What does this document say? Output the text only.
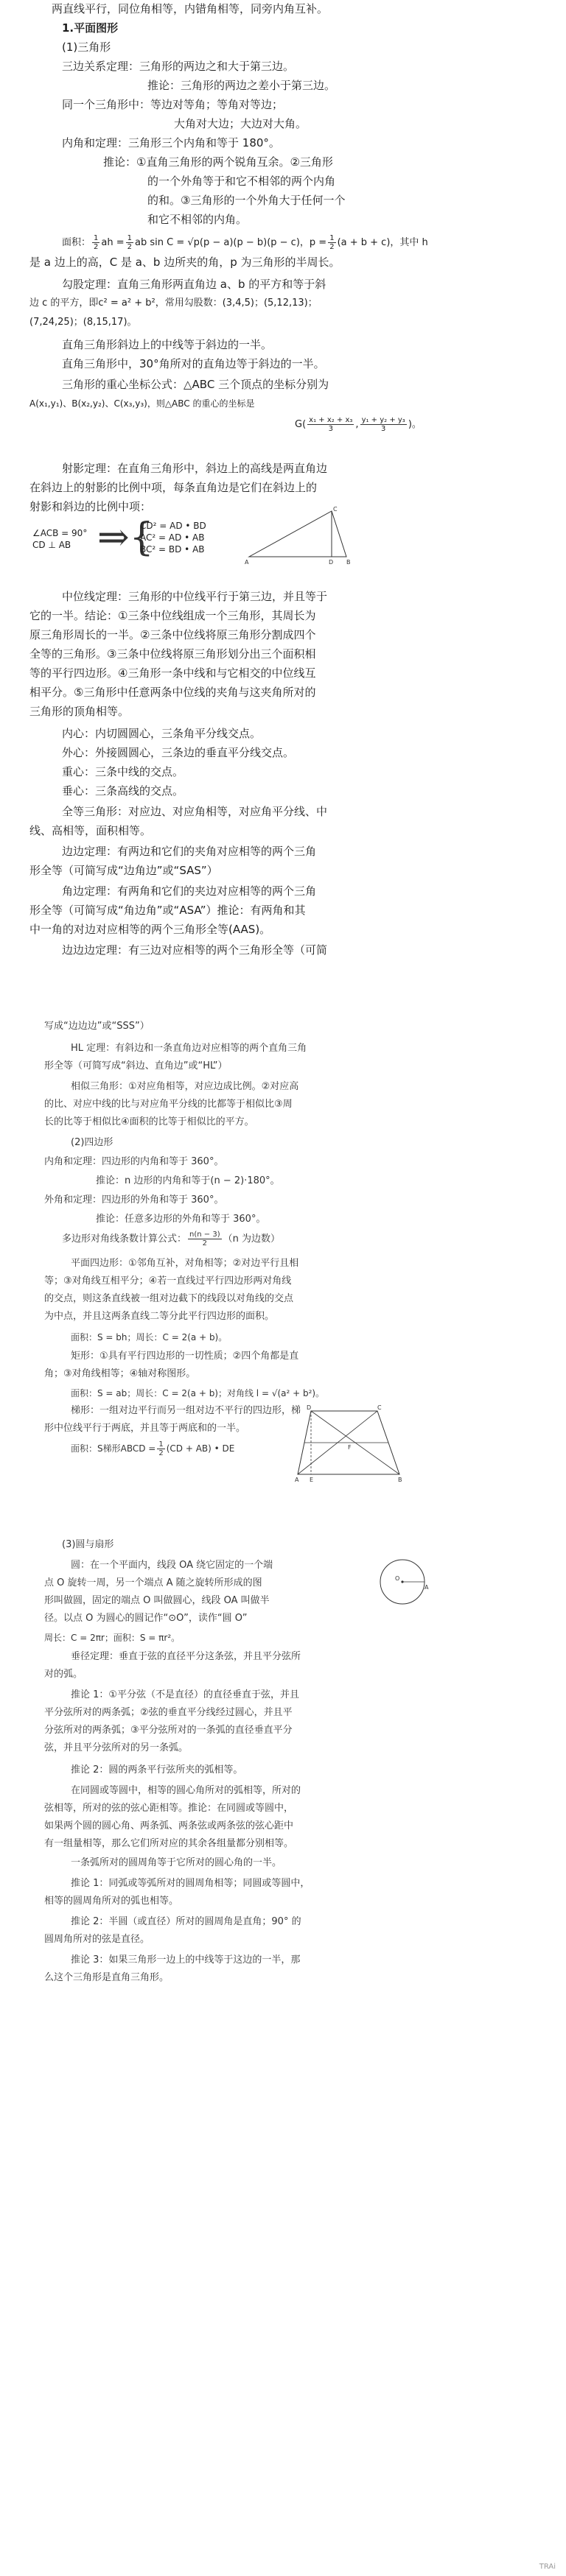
两直线平行，同位角相等，内错角相等，同旁内角互补。
1.平面图形
(1)三角形
三边关系定理：三角形的两边之和大于第三边。
推论：三角形的两边之差小于第三边。
同一个三角形中：等边对等角；等角对等边；
大角对大边；大边对大角。
内角和定理：三角形三个内角和等于 180°。
推论：①直角三角形的两个锐角互余。②三角形
的一个外角等于和它不相邻的两个内角
的和。③三角形的一个外角大于任何一个
和它不相邻的内角。
面积： $\frac{1}{2}$ ah = $\frac{1}{2}$ ab sin C = √p(p − a)(p − b)(p − c)，$p = \frac{1}{2} (a + b + c)$，其中 h
是 a 边上的高，C 是 a、b 边所夹的角，p 为三角形的半周长。
勾股定理：直角三角形两直角边 a、b 的平方和等于斜
边 c 的平方，即c² = a² + b²，常用勾股数：(3,4,5)；(5,12,13)；
(7,24,25)；(8,15,17)。
直角三角形斜边上的中线等于斜边的一半。
直角三角形中，30°角所对的直角边等于斜边的一半。
三角形的重心坐标公式：△ABC 三个顶点的坐标分别为
A(x₁,y₁)、B(x₂,y₂)、C(x₃,y₃)，则△ABC 的重心的坐标是
$G( \frac{\text{x₁ + x₂ + x₃}}{3}$ , $\frac{\text{y₁ + y₂ + y₃}}{3}$ )。
射影定理：在直角三角形中，斜边上的高线是两直角边
在斜边上的射影的比例中项，每条直角边是它们在斜边上的
射影和斜边的比例中项：
∠ACB = 90°
CD ⊥ AB ⇒{
CD² = AD • BD
AC² = AD • AB
BC² = BD • AB
A	D B
C
中位线定理：三角形的中位线平行于第三边，并且等于
它的一半。结论：①三条中位线组成一个三角形，其周长为
原三角形周长的一半。②三条中位线将原三角形分割成四个
全等的三角形。③三条中位线将原三角形划分出三个面积相
等的平行四边形。④三角形一条中线和与它相交的中位线互
相平分。⑤三角形中任意两条中位线的夹角与这夹角所对的
三角形的顶角相等。
内心：内切圆圆心，三条角平分线交点。
外心：外接圆圆心，三条边的垂直平分线交点。
重心：三条中线的交点。
垂心：三条高线的交点。
全等三角形：对应边、对应角相等，对应角平分线、中
线、高相等，面积相等。
边边定理：有两边和它们的夹角对应相等的两个三角
形全等（可简写成“边角边”或“SAS”）
角边定理：有两角和它们的夹边对应相等的两个三角
形全等（可简写成“角边角”或“ASA”）推论：有两角和其
中一角的对边对应相等的两个三角形全等(AAS)。
边边边定理：有三边对应相等的两个三角形全等（可简
写成“边边边”或“SSS”）
HL 定理：有斜边和一条直角边对应相等的两个直角三角
形全等（可简写成“斜边、直角边”或“HL”）
相似三角形：①对应角相等，对应边成比例。②对应高
的比、对应中线的比与对应角平分线的比都等于相似比③周
长的比等于相似比④面积的比等于相似比的平方。
(2)四边形
内角和定理：四边形的内角和等于 360°。
推论：n 边形的内角和等于(n − 2)·180°。
外角和定理：四边形的外角和等于 360°。
推论：任意多边形的外角和等于 360°。
多边形对角线条数计算公式： $\frac{n(n - 3)}{2} (n$ 为边数）
平面四边形：①邻角互补，对角相等；②对边平行且相
等；③对角线互相平分；④若一直线过平行四边形两对角线
的交点，则这条直线被一组对边截下的线段以对角线的交点
为中点，并且这两条直线二等分此平行四边形的面积。
面积：S = bh；周长：C = 2(a + b)。
矩形：①具有平行四边形的一切性质；②四个角都是直
角；③对角线相等；④轴对称图形。
面积：S = ab；周长：C = 2(a + b)；对角线 l = √(a² + b²)。
梯形：一组对边平行而另一组对边不平行的四边形，梯
形中位线平行于两底，并且等于两底和的一半。
面积：S梯形ABCD = $\frac{1}{2} (CD + AB)$ • DE
D	C
A	B
E
F
(3)圆与扇形
圆：在一个平面内，线段 OA 绕它固定的一个端
点 O 旋转一周，另一个端点 A 随之旋转所形成的图
形叫做圆，固定的端点 O 叫做圆心，线段 OA 叫做半
径。以点 O 为圆心的圆记作“⊙O”，读作“圆 O”
周长：C = 2πr；面积：S = πr²。
O
A
垂径定理：垂直于弦的直径平分这条弦，并且平分弦所
对的弧。
推论 1：①平分弦（不是直径）的直径垂直于弦，并且
平分弦所对的两条弧；②弦的垂直平分线经过圆心，并且平
分弦所对的两条弧；③平分弦所对的一条弧的直径垂直平分
弦，并且平分弦所对的另一条弧。
推论 2：圆的两条平行弦所夹的弧相等。
在同圆或等圆中，相等的圆心角所对的弧相等，所对的
弦相等，所对的弦的弦心距相等。推论：在同圆或等圆中，
如果两个圆的圆心角、两条弧、两条弦或两条弦的弦心距中
有一组量相等，那么它们所对应的其余各组量都分别相等。
一条弧所对的圆周角等于它所对的圆心角的一半。
推论 1：同弧或等弧所对的圆周角相等；同圆或等圆中，
相等的圆周角所对的弧也相等。
推论 2：半圆（或直径）所对的圆周角是直角；90° 的
圆周角所对的弦是直径。
推论 3：如果三角形一边上的中线等于这边的一半，那
么这个三角形是直角三角形。
TRAi
